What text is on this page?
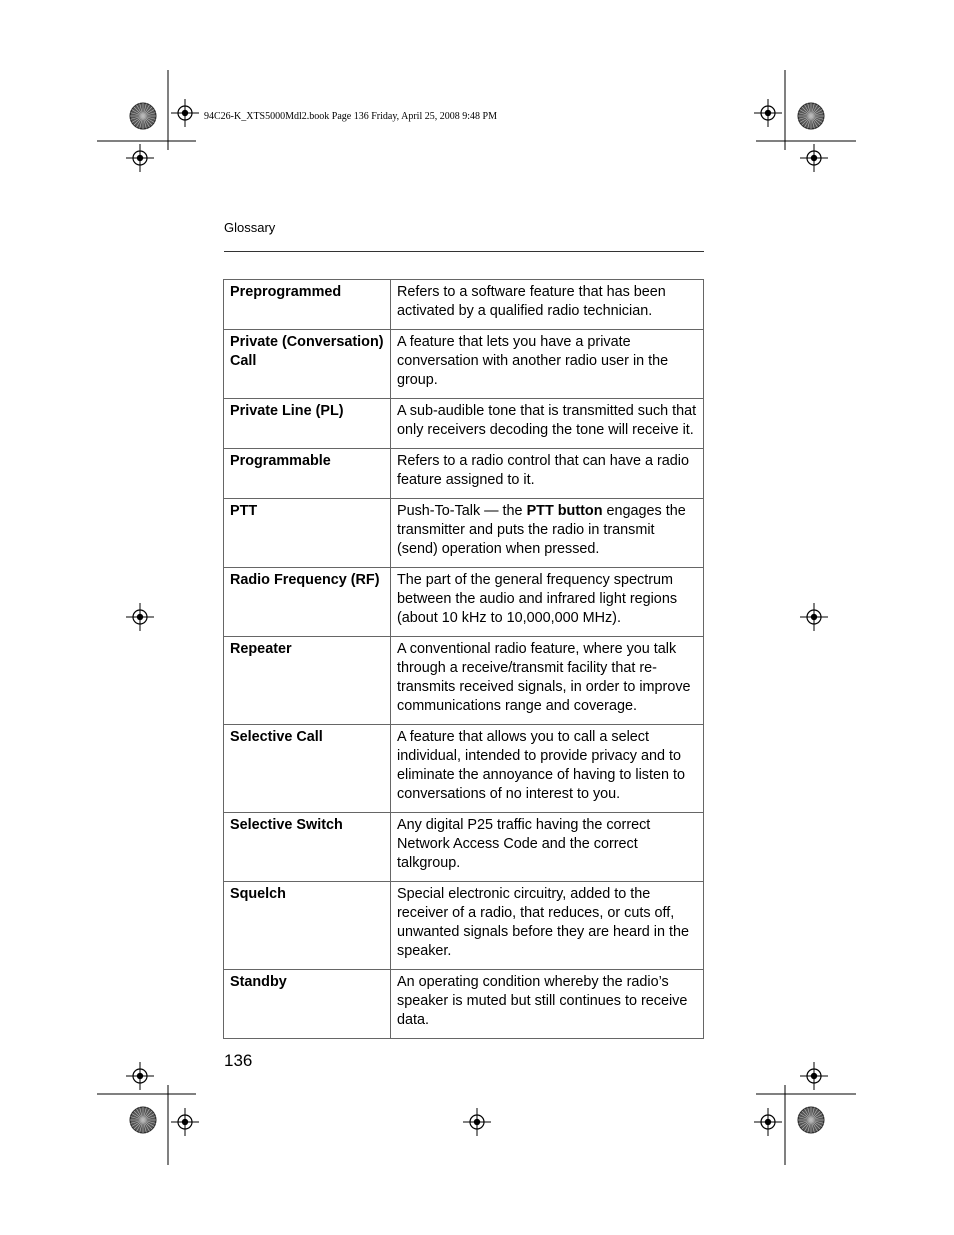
94C26-K_XTS5000Mdl2.book Page 136 Friday, April 25, 2008 9:48 PM
Glossary
Preprogrammed	Refers to a software feature that has been activated by a qualified radio technician.
Private (Conversation) Call	A feature that lets you have a private conversation with another radio user in the group.
Private Line (PL)	A sub-audible tone that is transmitted such that only receivers decoding the tone will receive it.
Programmable	Refers to a radio control that can have a radio feature assigned to it.
PTT	Push-To-Talk — the PTT button engages the transmitter and puts the radio in transmit (send) operation when pressed.
Radio Frequency (RF)	The part of the general frequency spectrum between the audio and infrared light regions (about 10 kHz to 10,000,000 MHz).
Repeater	A conventional radio feature, where you talk through a receive/transmit facility that re-transmits received signals, in order to improve communications range and coverage.
Selective Call	A feature that allows you to call a select individual, intended to provide privacy and to eliminate the annoyance of having to listen to conversations of no interest to you.
Selective Switch	Any digital P25 traffic having the correct Network Access Code and the correct talkgroup.
Squelch	Special electronic circuitry, added to the receiver of a radio, that reduces, or cuts off, unwanted signals before they are heard in the speaker.
Standby	An operating condition whereby the radio’s speaker is muted but still continues to receive data.
136
